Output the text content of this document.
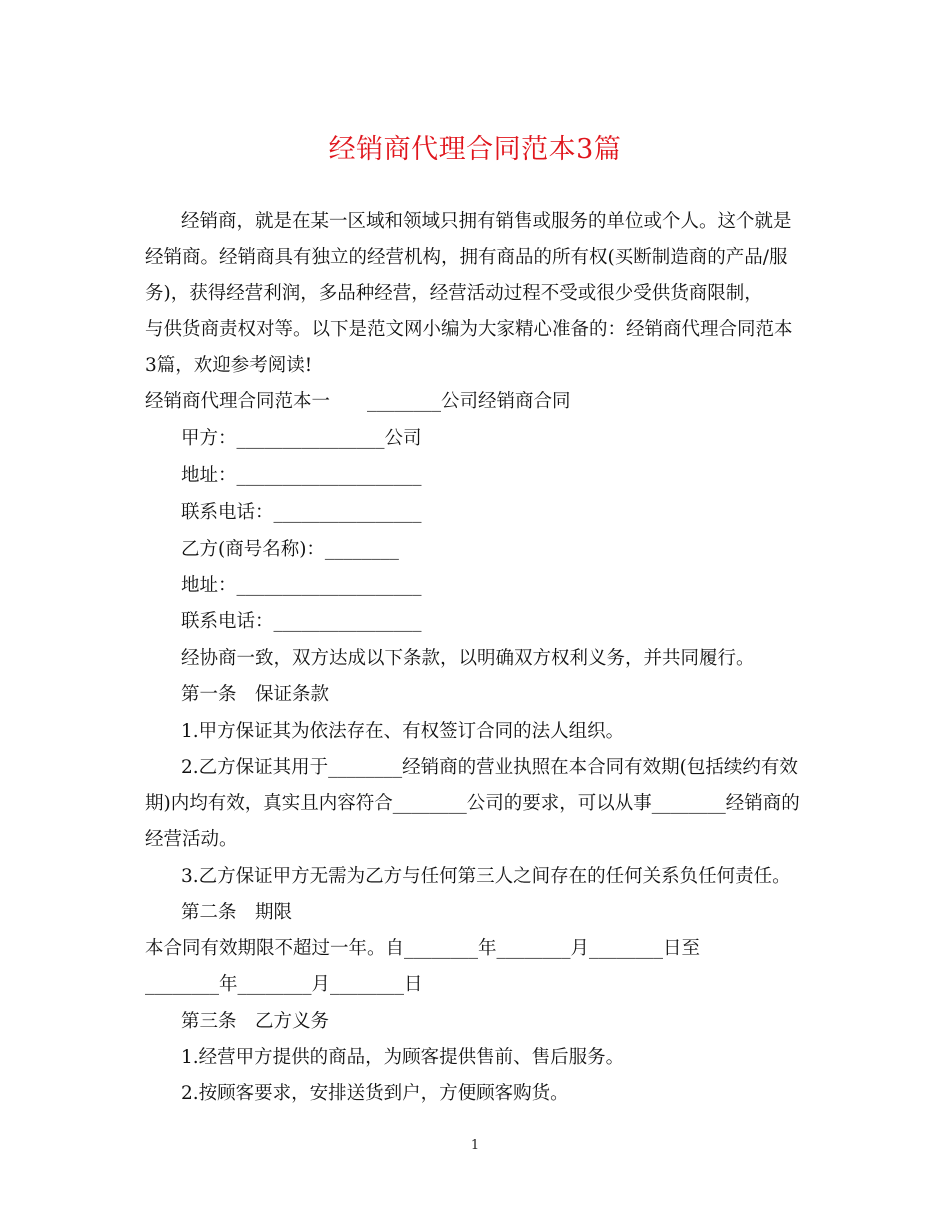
经销商代理合同范本3篇
经销商，就是在某一区域和领域只拥有销售或服务的单位或个人。这个就是
经销商。经销商具有独立的经营机构，拥有商品的所有权(买断制造商的产品/服
务)，获得经营利润，多品种经营，经营活动过程不受或很少受供货商限制，
与供货商责权对等。以下是范文网小编为大家精心准备的：经销商代理合同范本
3篇，欢迎参考阅读!

经销商代理合同范本一　　________公司经销商合同

甲方：________________公司

地址：____________________

联系电话：________________

乙方(商号名称)：________

地址：____________________

联系电话：________________

经协商一致，双方达成以下条款，以明确双方权利义务，并共同履行。

第一条　保证条款

1.甲方保证其为依法存在、有权签订合同的法人组织。

2.乙方保证其用于________经销商的营业执照在本合同有效期(包括续约有效

期)内均有效，真实且内容符合________公司的要求，可以从事________经销商的

经营活动。

3.乙方保证甲方无需为乙方与任何第三人之间存在的任何关系负任何责任。

第二条　期限

本合同有效期限不超过一年。自________年________月________日至

________年________月________日

第三条　乙方义务

1.经营甲方提供的商品，为顾客提供售前、售后服务。

2.按顾客要求，安排送货到户，方便顾客购货。

1
